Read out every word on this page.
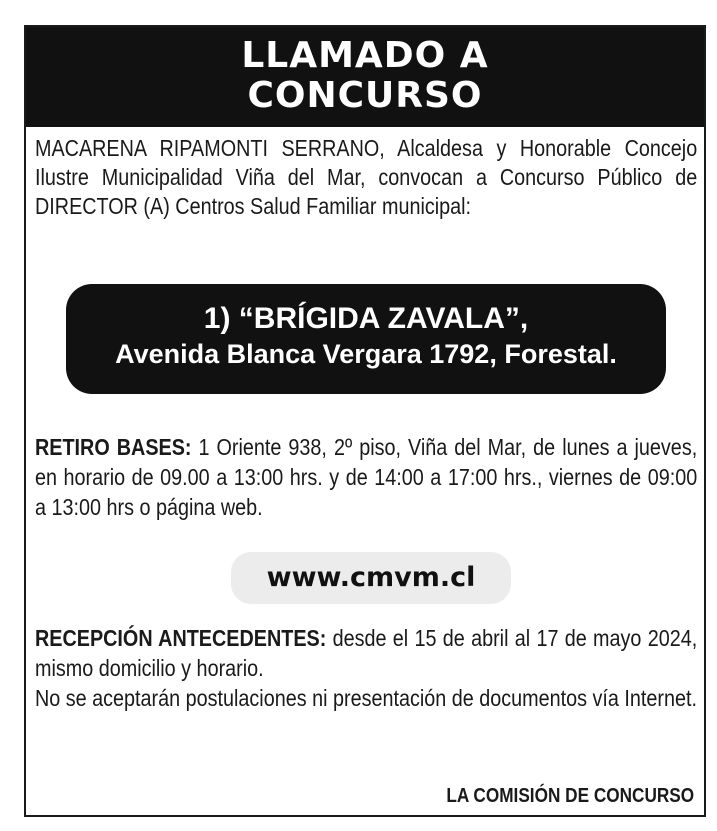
LLAMADO A
CONCURSO
MACARENA RIPAMONTI SERRANO, Alcaldesa y Honorable Concejo Ilustre Municipalidad Viña del Mar, convocan a Concurso Público de DIRECTOR (A) Centros Salud Familiar municipal:
1) “BRÍGIDA ZAVALA”,
Avenida Blanca Vergara 1792, Forestal.
RETIRO BASES: 1 Oriente 938, 2º piso, Viña del Mar, de lunes a jueves, en horario de 09.00 a 13:00 hrs. y de 14:00 a 17:00 hrs., viernes de 09:00 a 13:00 hrs o página web.
www.cmvm.cl
RECEPCIÓN ANTECEDENTES: desde el 15 de abril al 17 de mayo 2024, mismo domicilio y horario.
No se aceptarán postulaciones ni presentación de documentos vía Internet.
LA COMISIÓN DE CONCURSO
